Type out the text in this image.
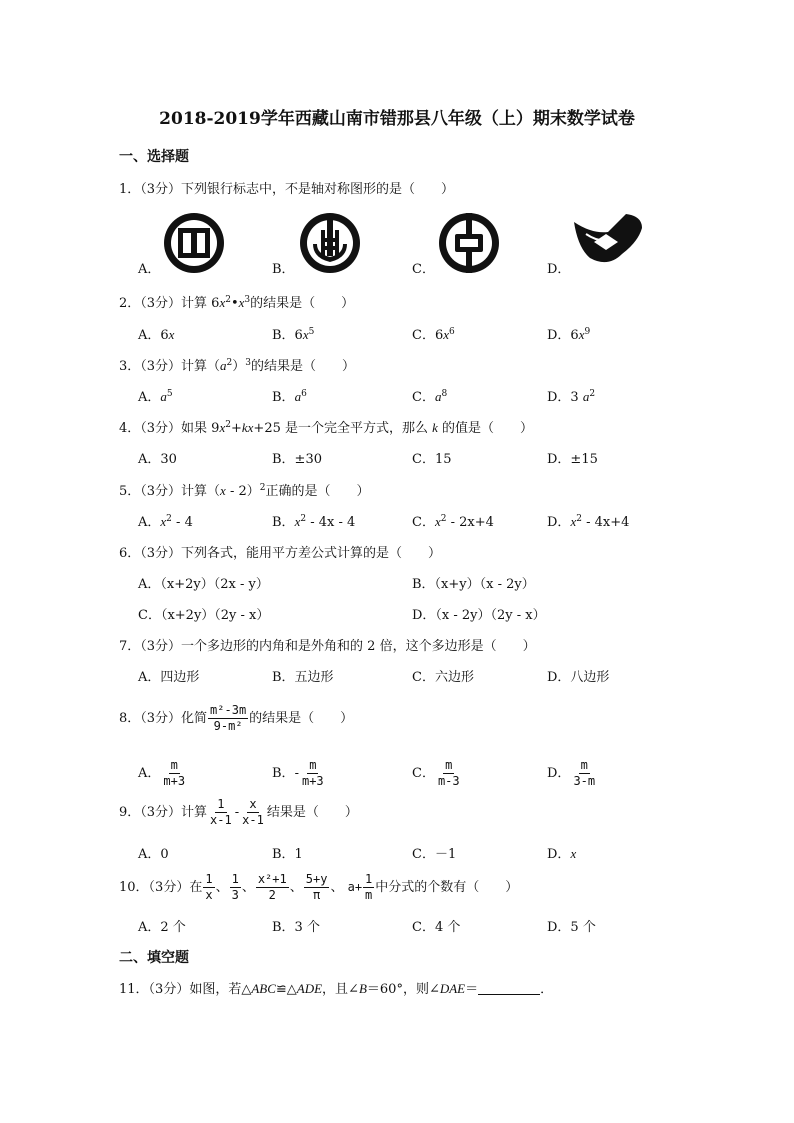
2018-2019学年西藏山南市错那县八年级（上）期末数学试卷
一、选择题
1．（3分）下列银行标志中，不是轴对称图形的是（　　）
A．	B．	C．	D．
2．（3分）计算 $6x^2•x^3$的结果是（　　）
A．6x	B．$6x^5$	C．$6x^6$	D．$6x^9$
3．（3分）计算$(a^2)^3$的结果是（　　）
A．$a^5$	B．$a^6$	C．$a^8$	D．3 $a^2$
4．（3分）如果 $9x^2+kx+25$ 是一个完全平方式，那么 k 的值是（　　）
A．30	B．±30	C．15	D．±15
5．（3分）计算（x - 2）$^2$正确的是（　　）
A．$x^2 - 4$	B．$x^2 - 4x - 4$	C．$x^2 - 2x+4$	D．$x^2 - 4x+4$
6．（3分）下列各式，能用平方差公式计算的是（　　）
A．（x+2y）（2x - y）	B．（x+y）（x - 2y）
C．（x+2y）（2y - x）	D．（x - 2y）（2y - x）
7．（3分）一个多边形的内角和是外角和的 2 倍，这个多边形是（　　）
A．四边形	B．五边形	C．六边形	D．八边形
8．（3分）化简 $\frac{\text{m²-3m}}{\text{9-m²}}$ 的结果是（　　）
A． $\frac{m}{m+3}$	B．- $\frac{m}{m+3}$	C． $\frac{m}{m-3}$	D． $\frac{m}{3-m}$
9．（3分）计算 $\frac{1}{x-1} - \frac{x}{x-1}$ 结果是（　　）
A．0	B．1	C．－1	D．x
10．（3分）在 $\frac{1}{x}$ 、 $\frac{1}{3}$ 、 $\frac{\text{x²+1}}{2}$ 、 $\frac{5+y}{\pi}$ 、 $a+ \frac{1}{m}$ 中分式的个数有（　　）
A．2 个	B．3 个	C．4 个	D．5 个
二、填空题
11．（3分）如图，若△ABC≌△ADE，且∠B＝60°，则∠DAE＝	．
